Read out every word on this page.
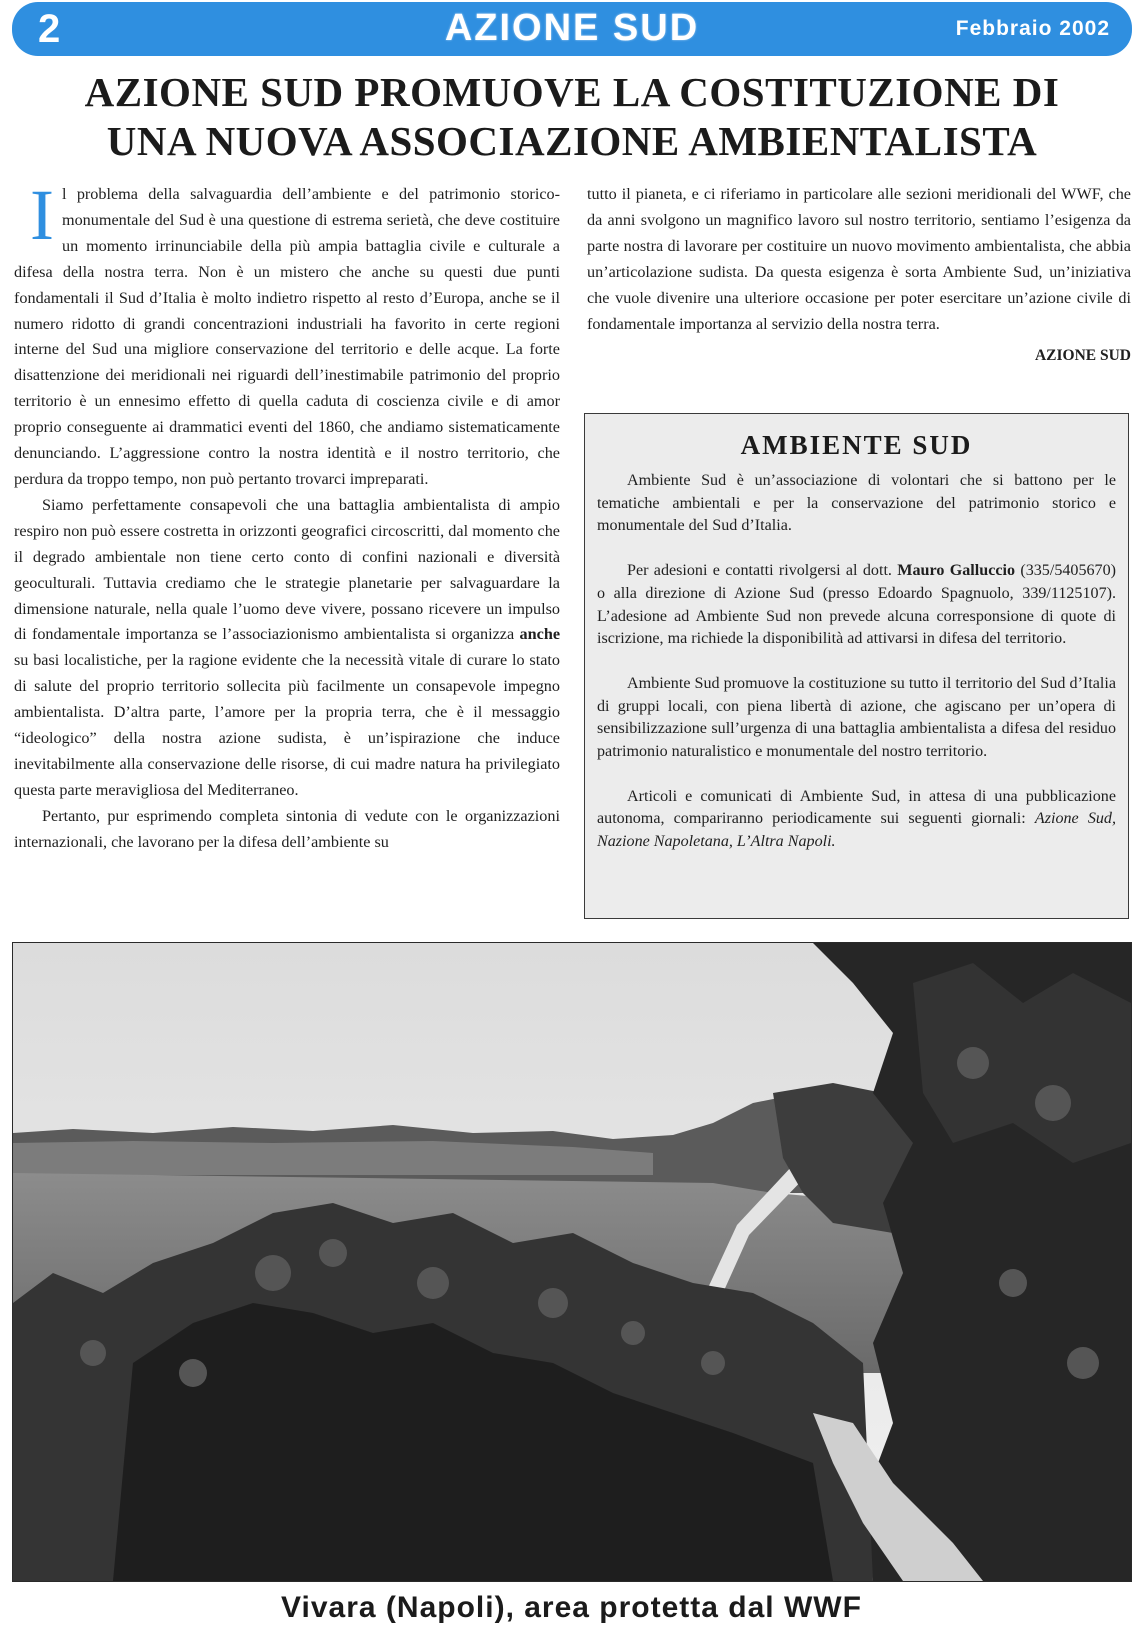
2	AZIONE SUD	Febbraio 2002
AZIONE SUD PROMUOVE LA COSTITUZIONE DI
UNA NUOVA ASSOCIAZIONE AMBIENTALISTA

Il problema della salvaguardia dell’ambiente e del patrimonio storico-monumentale del Sud è una questione di estrema serietà, che deve costituire un momento irrinunciabile della più ampia battaglia civile e culturale a difesa della nostra terra. Non è un mistero che anche su questi due punti fondamentali il Sud d’Italia è molto indietro rispetto al resto d’Europa, anche se il numero ridotto di grandi concentrazioni industriali ha favorito in certe regioni interne del Sud una migliore conservazione del territorio e delle acque. La forte disattenzione dei meridionali nei riguardi dell’inestimabile patrimonio del proprio territorio è un ennesimo effetto di quella caduta di coscienza civile e di amor proprio conseguente ai drammatici eventi del 1860, che andiamo sistematicamente denunciando. L’aggressione contro la nostra identità e il nostro territorio, che perdura da troppo tempo, non può pertanto trovarci impreparati.

Siamo perfettamente consapevoli che una battaglia ambientalista di ampio respiro non può essere costretta in orizzonti geografici circoscritti, dal momento che il degrado ambientale non tiene certo conto di confini nazionali e diversità geoculturali. Tuttavia crediamo che le strategie planetarie per salvaguardare la dimensione naturale, nella quale l’uomo deve vivere, possano ricevere un impulso di fondamentale importanza se l’associazionismo ambientalista si organizza anche su basi localistiche, per la ragione evidente che la necessità vitale di curare lo stato di salute del proprio territorio sollecita più facilmente un consapevole impegno ambientalista. D’altra parte, l’amore per la propria terra, che è il messaggio “ideologico” della nostra azione sudista, è un’ispirazione che induce inevitabilmente alla conservazione delle risorse, di cui madre natura ha privilegiato questa parte meravigliosa del Mediterraneo.

Pertanto, pur esprimendo completa sintonia di vedute con le organizzazioni internazionali, che lavorano per la difesa dell’ambiente su

tutto il pianeta, e ci riferiamo in particolare alle sezioni meridionali del WWF, che da anni svolgono un magnifico lavoro sul nostro territorio, sentiamo l’esigenza da parte nostra di lavorare per costituire un nuovo movimento ambientalista, che abbia un’articolazione sudista. Da questa esigenza è sorta Ambiente Sud, un’iniziativa che vuole divenire una ulteriore occasione per poter esercitare un’azione civile di fondamentale importanza al servizio della nostra terra.

AZIONE SUD

AMBIENTE SUD

Ambiente Sud è un’associazione di volontari che si battono per le tematiche ambientali e per la conservazione del patrimonio storico e monumentale del Sud d’Italia.

Per adesioni e contatti rivolgersi al dott. Mauro Galluccio (335/5405670) o alla direzione di Azione Sud (presso Edoardo Spagnuolo, 339/1125107). L’adesione ad Ambiente Sud non prevede alcuna corresponsione di quote di iscrizione, ma richiede la disponibilità ad attivarsi in difesa del territorio.

Ambiente Sud promuove la costituzione su tutto il territorio del Sud d’Italia di gruppi locali, con piena libertà di azione, che agiscano per un’opera di sensibilizzazione sull’urgenza di una battaglia ambientalista a difesa del residuo patrimonio naturalistico e monumentale del nostro territorio.

Articoli e comunicati di Ambiente Sud, in attesa di una pubblicazione autonoma, compariranno periodicamente sui seguenti giornali: Azione Sud, Nazione Napoletana, L’Altra Napoli.

Vivara (Napoli), area protetta dal WWF
